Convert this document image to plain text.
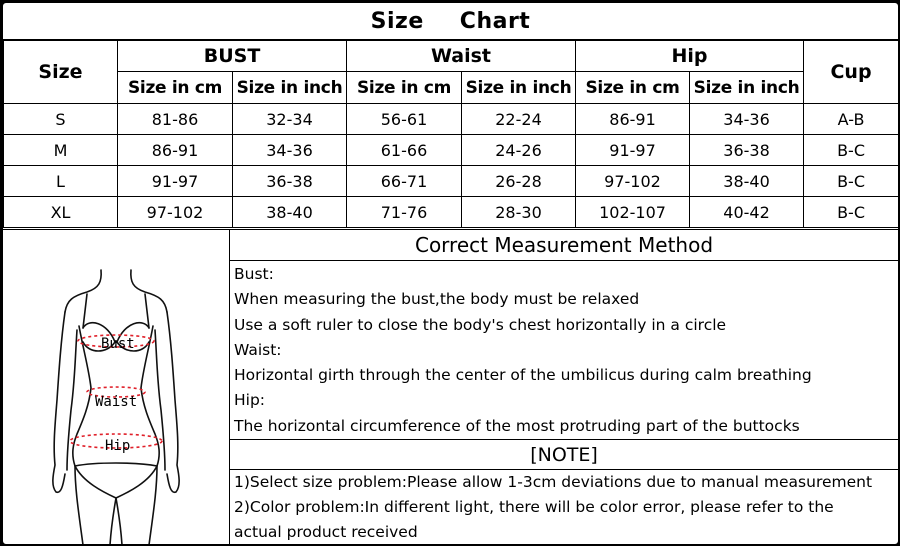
Size Chart
Size	BUST		Waist		Hip		Cup
	Size in cm	Size in inch	Size in cm	Size in inch	Size in cm	Size in inch	
S	81-86	32-34	56-61	22-24	86-91	34-36	A-B
M	86-91	34-36	61-66	24-26	91-97	36-38	B-C
L	91-97	36-38	66-71	26-28	97-102	38-40	B-C
XL	97-102	38-40	71-76	28-30	102-107	40-42	B-C
Bust
Waist
Hip
Correct Measurement Method
Bust:
When measuring the bust,the body must be relaxed
Use a soft ruler to close the body's chest horizontally in a circle
Waist:
Horizontal girth through the center of the umbilicus during calm breathing
Hip:
The horizontal circumference of the most protruding part of the buttocks
[NOTE]
1)Select size problem:Please allow 1-3cm deviations due to manual measurement
2)Color problem:In different light, there will be color error, please refer to the
actual product received
